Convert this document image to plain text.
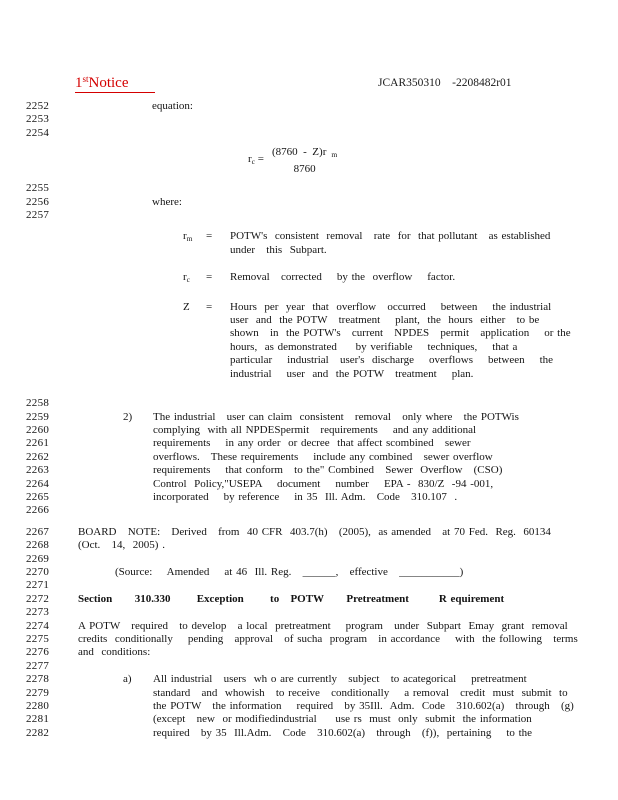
1stNotice	JCAR350310    -2208482r01
2252	equation:
2253
2254
$r_c$ =
(8760  -  Z)r $_m$
8760
2255
2256	where:
2257
$r_m$	=	POTW's  consistent  removal   rate  for  that pollutant   as established
under   this  Subpart.
$r_c$	=	Removal   corrected    by the  overflow    factor.
Z	=	Hours  per  year  that  overflow   occurred    between    the industrial
user  and  the POTW   treatment    plant,  the  hours  either   to be
shown   in  the POTW's   current   NPDES   permit   application    or the
hours,  as demonstrated     by verifiable    techniques,    that a
particular    industrial   user's  discharge    overflows    between    the
industrial    user  and  the POTW   treatment    plan.
2258
2259	2)	The industrial   user can claim  consistent   removal   only where   the POTWis
2260	complying  with all NPDESpermit   requirements    and any additional
2261	requirements    in any order  or decree  that affect scombined   sewer
2262	overflows.   These requirements    include any combined   sewer overflow
2263	requirements    that conform   to the" Combined   Sewer  Overflow   (CSO)
2264	Control  Policy,"USEPA    document    number    EPA -  830/Z  -94 -001,
2265	incorporated    by reference    in 35  Ill. Adm.   Code   310.107  .
2266
2267	BOARD   NOTE:   Derived   from  40 CFR  403.7(h)   (2005),  as amended   at 70 Fed.  Reg.  60134
2268	(Oct.   14,  2005) .
2269
2270	(Source:    Amended    at 46  Ill. Reg.   ______,   effective   ___________)
2271
2272	Section      310.330       Exception       to   POTW      Pretreatment        R equirement
2273
2274	A POTW   required   to develop   a local  pretreatment    program   under  Subpart  Emay  grant  removal
2275	credits  conditionally    pending   approval   of sucha  program   in accordance    with  the following   terms
2276	and  conditions:
2277
2278	a)	All industrial   users  wh o are currently   subject   to acategorical    pretreatment
2279	standard   and  whowish   to receive   conditionally    a removal   credit  must  submit  to
2280	the POTW   the information    required   by 35Ill.  Adm.  Code   310.602(a)   through   (g)
2281	(except   new  or modifiedindustrial     use rs  must  only  submit  the information
2282	required   by 35  Ill.Adm.   Code   310.602(a)   through   (f)),  pertaining    to the
